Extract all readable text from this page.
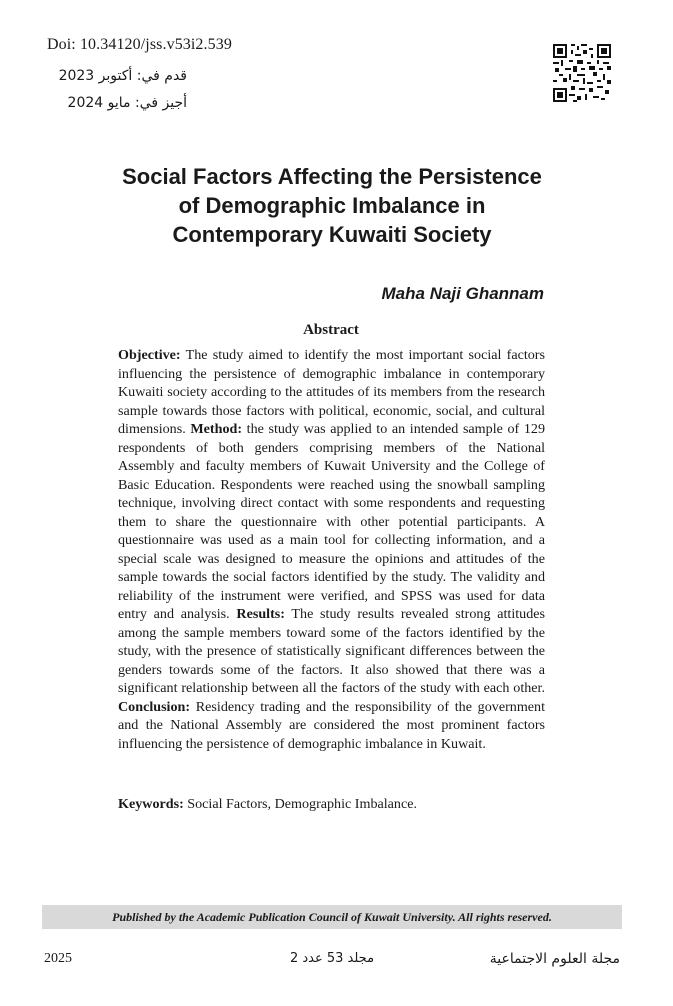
Doi: 10.34120/jss.v53i2.539
قدم في: أكتوبر 2023
أجيز في: مايو 2024
Social Factors Affecting the Persistence
of Demographic Imbalance in
Contemporary Kuwaiti Society
Maha Naji Ghannam
Abstract
Objective: The study aimed to identify the most important social factors influencing the persistence of demographic imbalance in contemporary Kuwaiti society according to the attitudes of its members from the research sample towards those factors with political, economic, social, and cultural dimensions. Method: the study was applied to an intended sample of 129 respondents of both genders comprising members of the National Assembly and faculty members of Kuwait University and the College of Basic Education. Respondents were reached using the snowball sampling technique, involving direct contact with some respondents and requesting them to share the questionnaire with other potential participants. A questionnaire was used as a main tool for collecting information, and a special scale was designed to measure the opinions and attitudes of the sample towards the social factors identified by the study. The validity and reliability of the instrument were verified, and SPSS was used for data entry and analysis. Results: The study results revealed strong attitudes among the sample members toward some of the factors identified by the study, with the presence of statistically significant differences between the genders towards some of the factors. It also showed that there was a significant relationship between all the factors of the study with each other. Conclusion: Residency trading and the responsibility of the government and the National Assembly are considered the most prominent factors influencing the persistence of demographic imbalance in Kuwait.
Keywords: Social Factors, Demographic Imbalance.
Published by the Academic Publication Council of Kuwait University. All rights reserved.
2025	مجلد 53 عدد 2	مجلة العلوم الاجتماعية
